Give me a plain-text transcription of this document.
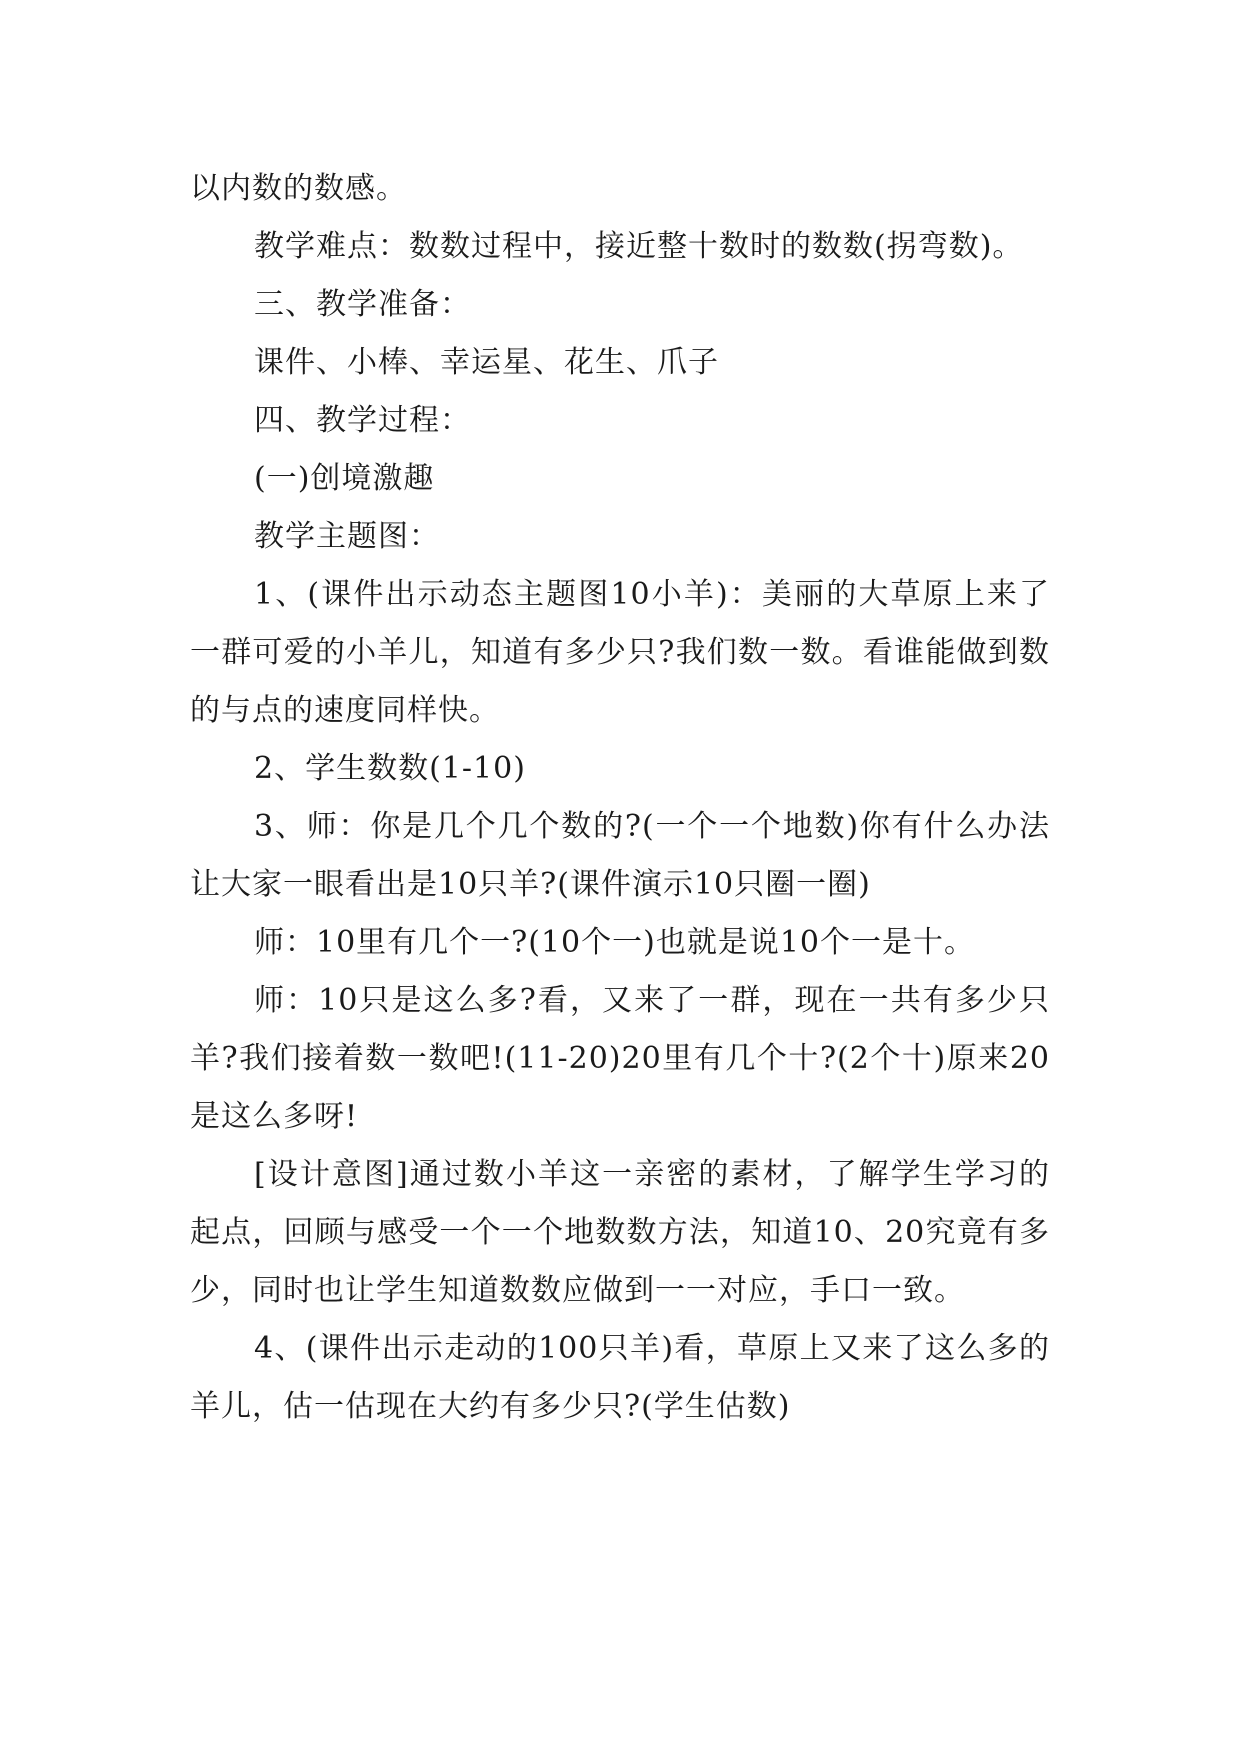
以内数的数感。

教学难点：数数过程中，接近整十数时的数数(拐弯数)。

三、教学准备：

课件、小棒、幸运星、花生、爪子

四、教学过程：

(一)创境激趣

教学主题图：

1、(课件出示动态主题图10小羊)：美丽的大草原上来了一群可爱的小羊儿，知道有多少只?我们数一数。看谁能做到数的与点的速度同样快。

2、学生数数(1-10)

3、师：你是几个几个数的?(一个一个地数)你有什么办法让大家一眼看出是10只羊?(课件演示10只圈一圈)

师：10里有几个一?(10个一)也就是说10个一是十。

师：10只是这么多?看，又来了一群，现在一共有多少只羊?我们接着数一数吧!(11-20)20里有几个十?(2个十)原来20是这么多呀!

[设计意图]通过数小羊这一亲密的素材，了解学生学习的起点，回顾与感受一个一个地数数方法，知道10、20究竟有多少，同时也让学生知道数数应做到一一对应，手口一致。

4、(课件出示走动的100只羊)看，草原上又来了这么多的羊儿，估一估现在大约有多少只?(学生估数)
